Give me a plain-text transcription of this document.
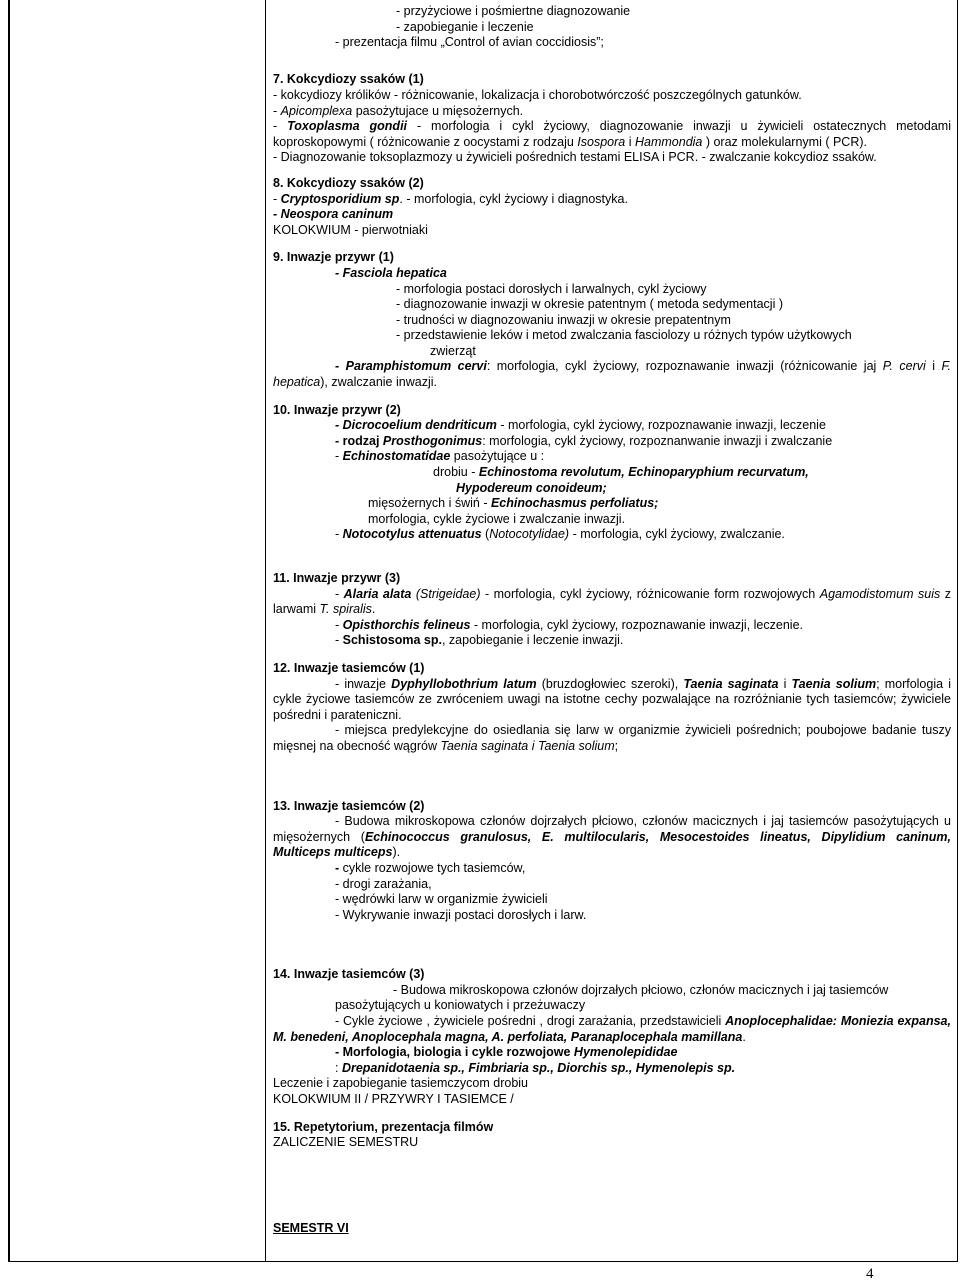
- przyżyciowe i pośmiertne diagnozowanie
- zapobieganie i leczenie
- prezentacja filmu „Control of avian coccidiosis”;
7. Kokcydiozy ssaków (1)
- kokcydiozy królików - różnicowanie, lokalizacja i chorobotwórczość poszczególnych gatunków.
- Apicomplexa pasożytujace u mięsożernych.
- Toxoplasma gondii - morfologia i cykl życiowy, diagnozowanie inwazji u żywicieli ostatecznych metodami koproskopowymi ( różnicowanie z oocystami z rodzaju Isospora i Hammondia ) oraz molekularnymi ( PCR).
- Diagnozowanie toksoplazmozy u żywicieli pośrednich testami ELISA i PCR. - zwalczanie kokcydioz ssaków.
8. Kokcydiozy ssaków (2)
- Cryptosporidium sp. - morfologia, cykl życiowy i diagnostyka.
- Neospora caninum
KOLOKWIUM - pierwotniaki
9. Inwazje przywr (1)
- Fasciola hepatica
- morfologia postaci dorosłych i larwalnych, cykl życiowy
- diagnozowanie inwazji w okresie patentnym ( metoda sedymentacji )
- trudności w diagnozowaniu inwazji w okresie prepatentnym
- przedstawienie leków i metod zwalczania fasciolozy u różnych typów użytkowych
zwierząt
- Paramphistomum cervi: morfologia, cykl życiowy, rozpoznawanie inwazji (różnicowanie jaj P. cervi i F. hepatica), zwalczanie inwazji.
10. Inwazje przywr (2)
- Dicrocoelium dendriticum - morfologia, cykl życiowy, rozpoznawanie inwazji, leczenie
- rodzaj Prosthogonimus: morfologia, cykl życiowy, rozpoznanwanie inwazji i zwalczanie
- Echinostomatidae pasożytujące u :
drobiu - Echinostoma revolutum, Echinoparyphium recurvatum,
Hypodereum conoideum;
mięsożernych i świń - Echinochasmus perfoliatus;
morfologia, cykle życiowe i zwalczanie inwazji.
- Notocotylus attenuatus (Notocotylidae) - morfologia, cykl życiowy, zwalczanie.
11. Inwazje przywr (3)
- Alaria alata (Strigeidae) - morfologia, cykl życiowy, różnicowanie form rozwojowych Agamodistomum suis z larwami T. spiralis.
- Opisthorchis felineus - morfologia, cykl życiowy, rozpoznawanie inwazji, leczenie.
- Schistosoma sp., zapobieganie i leczenie inwazji.
12. Inwazje tasiemców (1)
- inwazje Dyphyllobothrium latum (bruzdogłowiec szeroki), Taenia saginata i Taenia solium; morfologia i cykle życiowe tasiemców ze zwróceniem uwagi na istotne cechy pozwalające na rozróżnianie tych tasiemców; żywiciele pośredni i parateniczni.
- miejsca predylekcyjne do osiedlania się larw w organizmie żywicieli pośrednich; poubojowe badanie tuszy mięsnej na obecność wągrów Taenia saginata i Taenia solium;
13. Inwazje tasiemców (2)
- Budowa mikroskopowa członów dojrzałych płciowo, członów macicznych i jaj tasiemców pasożytujących u mięsożernych (Echinococcus granulosus, E. multilocularis, Mesocestoides lineatus, Dipylidium caninum, Multiceps multiceps).
- cykle rozwojowe tych tasiemców,
- drogi zarażania,
- wędrówki larw w organizmie żywicieli
- Wykrywanie inwazji postaci dorosłych i larw.
14. Inwazje tasiemców (3)
- Budowa mikroskopowa członów dojrzałych płciowo, członów macicznych i jaj tasiemców
pasożytujących u koniowatych i przeżuwaczy
- Cykle życiowe , żywiciele pośredni , drogi zarażania, przedstawicieli Anoplocephalidae: Moniezia expansa, M. benedeni, Anoplocephala magna, A. perfoliata, Paranaplocephala mamillana.
- Morfologia, biologia i cykle rozwojowe Hymenolepididae
: Drepanidotaenia sp., Fimbriaria sp., Diorchis sp., Hymenolepis sp.
Leczenie i zapobieganie tasiemczycom drobiu
KOLOKWIUM II / PRZYWRY I TASIEMCE /
15. Repetytorium, prezentacja filmów
ZALICZENIE SEMESTRU
SEMESTR VI
4
